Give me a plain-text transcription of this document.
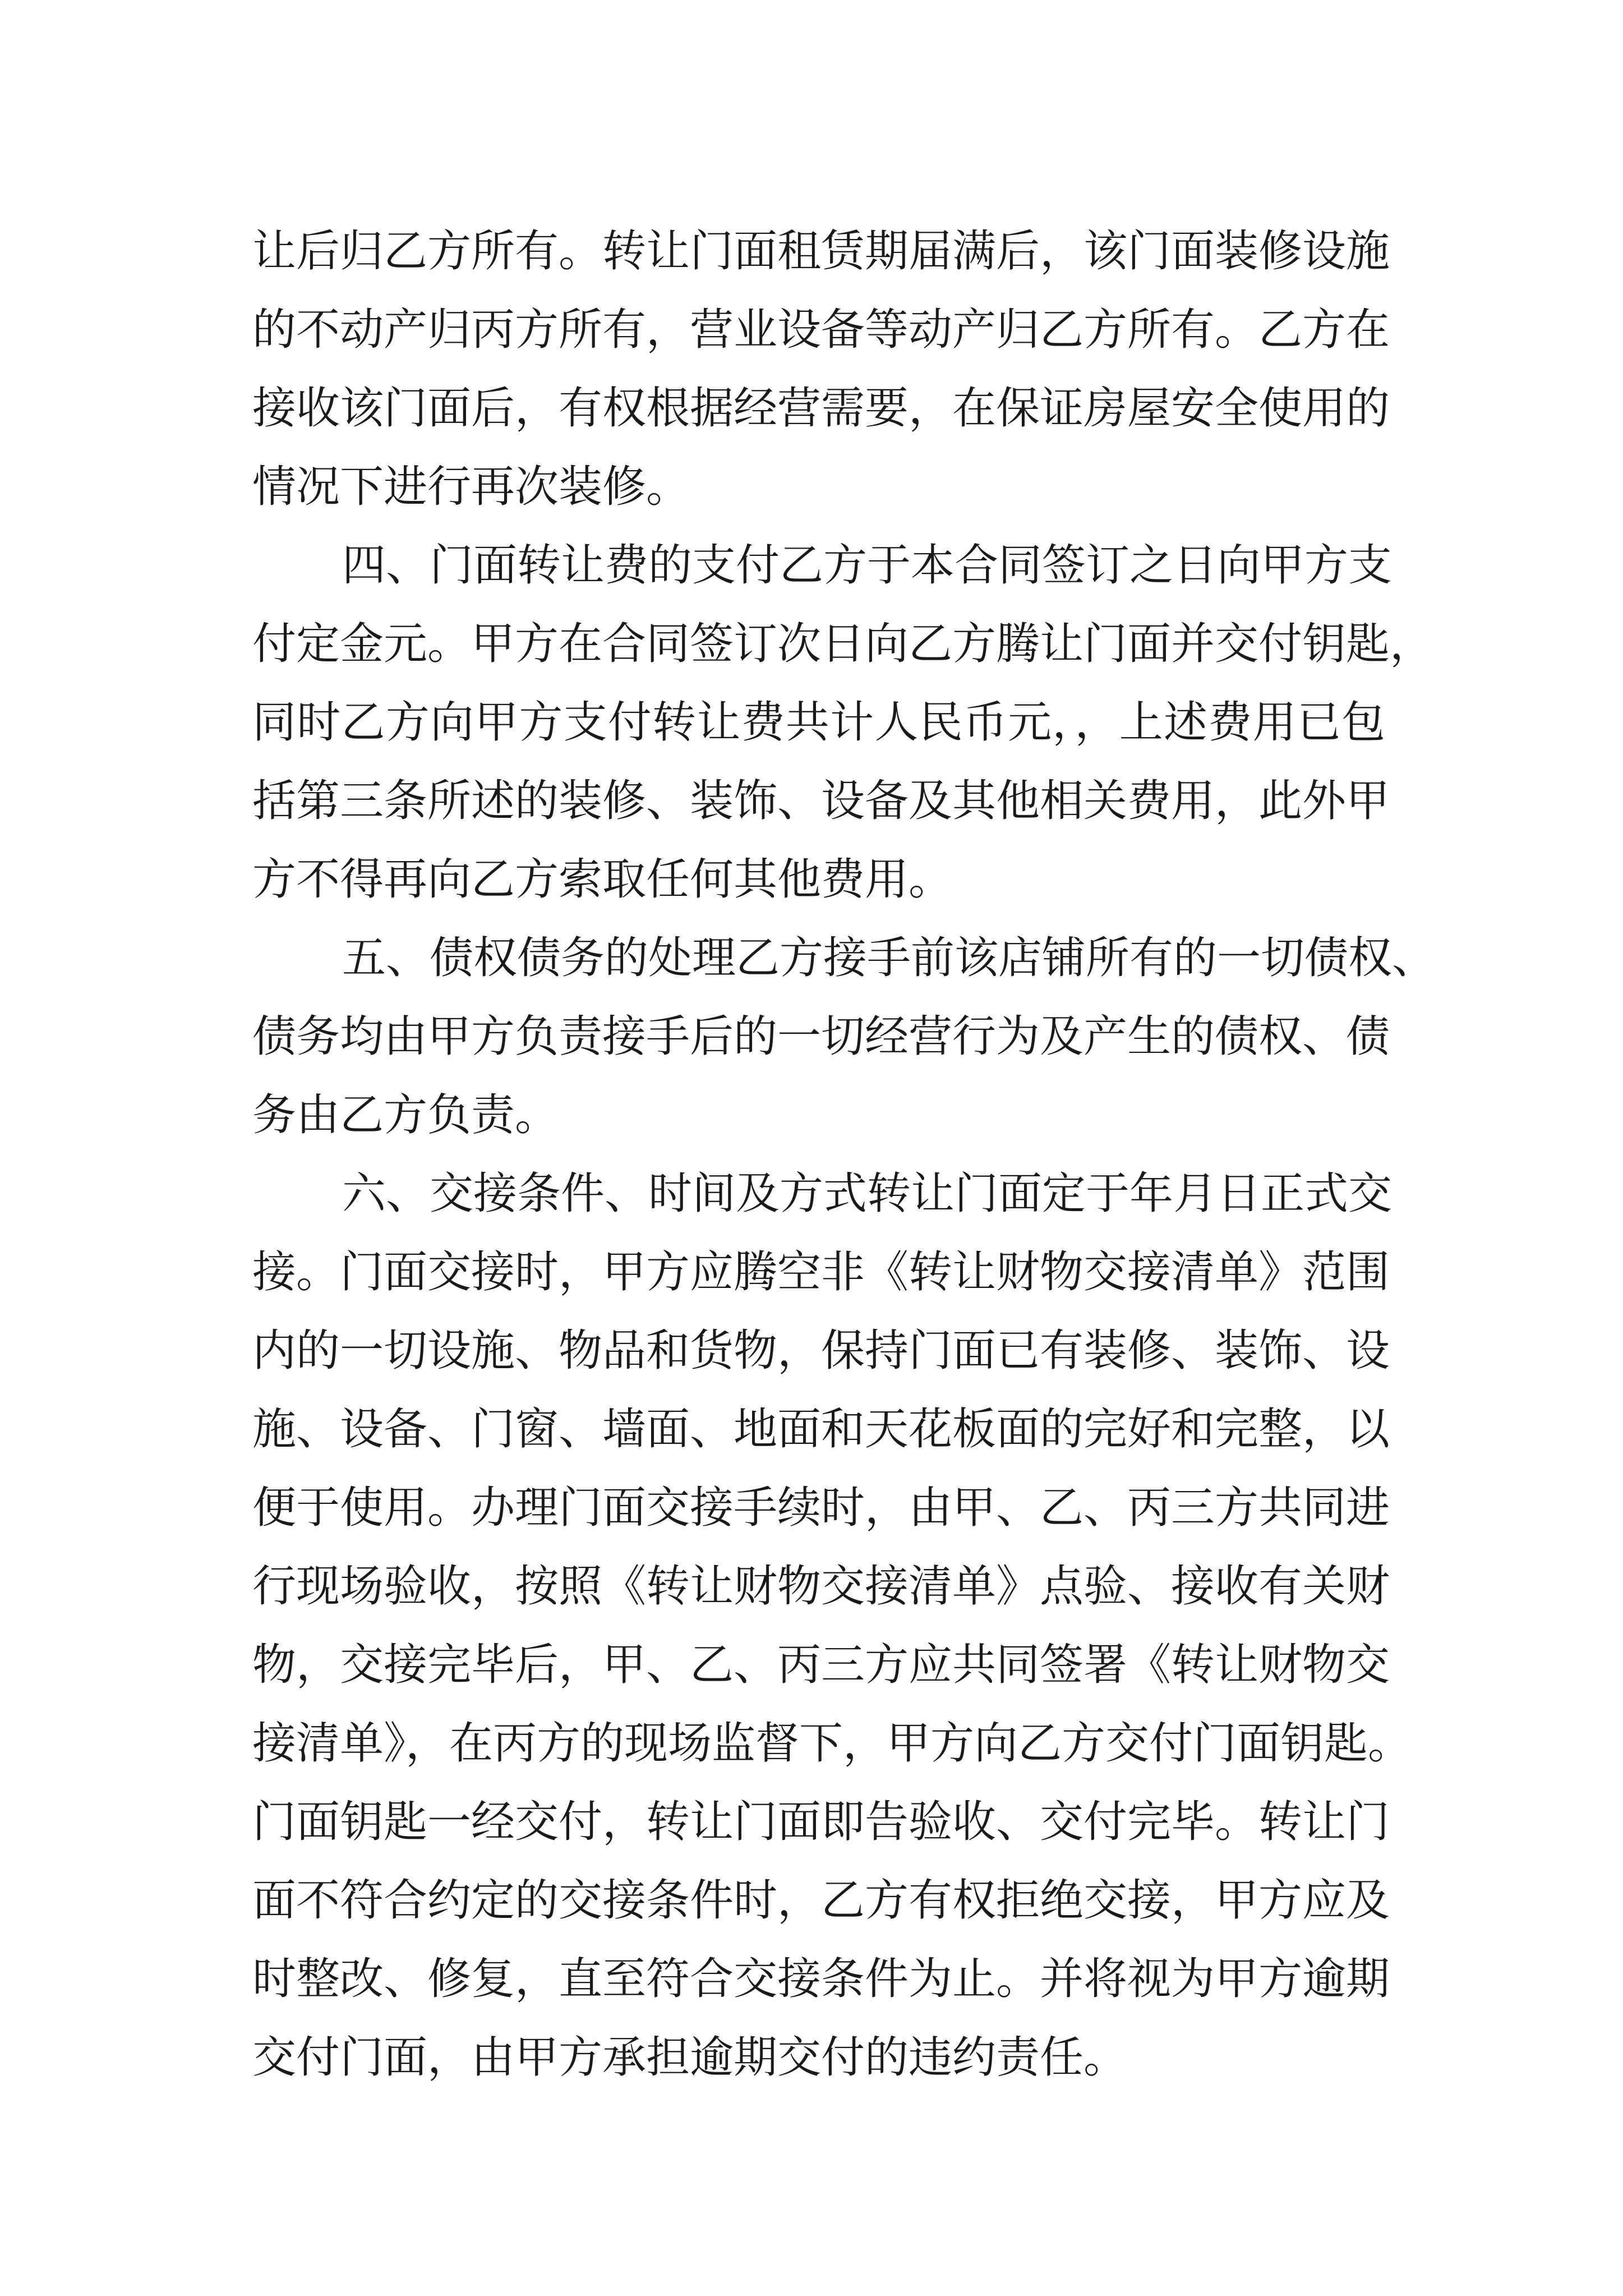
让后归乙方所有。转让门面租赁期届满后，该门面装修设施
的不动产归丙方所有，营业设备等动产归乙方所有。乙方在
接收该门面后，有权根据经营需要，在保证房屋安全使用的
情况下进行再次装修。
四、门面转让费的支付乙方于本合同签订之日向甲方支
付定金元。甲方在合同签订次日向乙方腾让门面并交付钥匙，
同时乙方向甲方支付转让费共计人民币元，，上述费用已包
括第三条所述的装修、装饰、设备及其他相关费用，此外甲
方不得再向乙方索取任何其他费用。
五、债权债务的处理乙方接手前该店铺所有的一切债权、
债务均由甲方负责接手后的一切经营行为及产生的债权、债
务由乙方负责。
六、交接条件、时间及方式转让门面定于年月日正式交
接。门面交接时，甲方应腾空非《转让财物交接清单》范围
内的一切设施、物品和货物，保持门面已有装修、装饰、设
施、设备、门窗、墙面、地面和天花板面的完好和完整，以
便于使用。办理门面交接手续时，由甲、乙、丙三方共同进
行现场验收，按照《转让财物交接清单》点验、接收有关财
物，交接完毕后，甲、乙、丙三方应共同签署《转让财物交
接清单》，在丙方的现场监督下，甲方向乙方交付门面钥匙。
门面钥匙一经交付，转让门面即告验收、交付完毕。转让门
面不符合约定的交接条件时，乙方有权拒绝交接，甲方应及
时整改、修复，直至符合交接条件为止。并将视为甲方逾期
交付门面，由甲方承担逾期交付的违约责任。
